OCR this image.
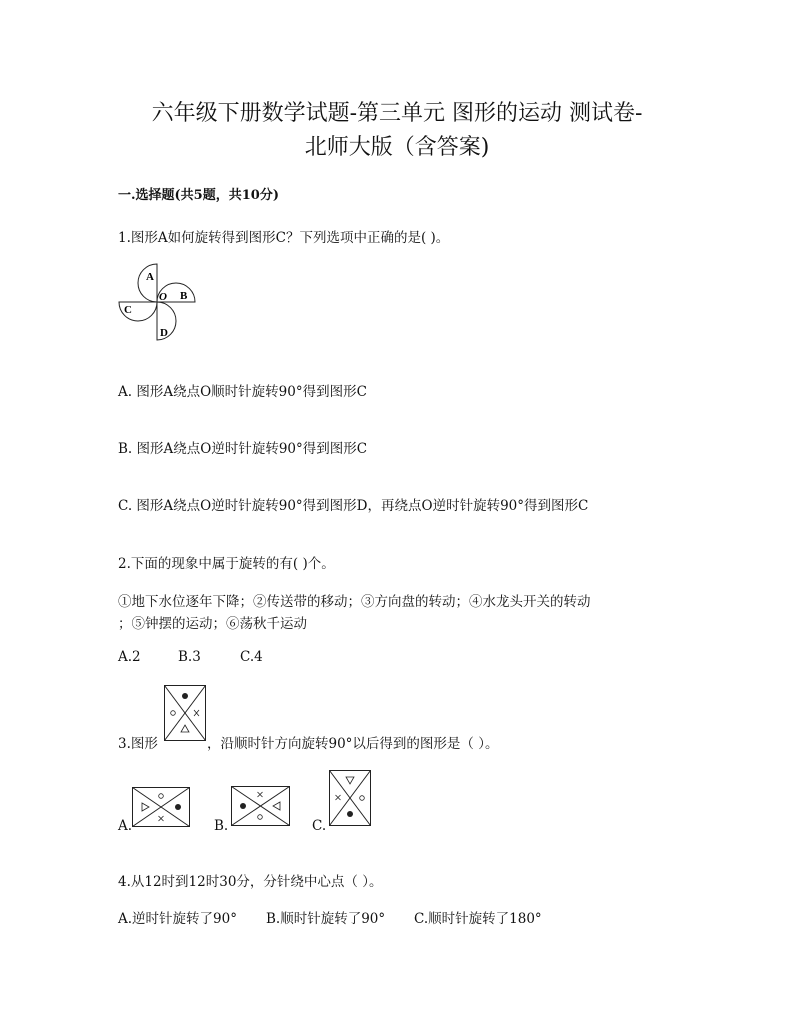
六年级下册数学试题-第三单元 图形的运动 测试卷-
北师大版（含答案)
一.选择题(共5题，共10分)
1.图形A如何旋转得到图形C？下列选项中正确的是( )。
A
O B
C
D
A. 图形A绕点O顺时针旋转90°得到图形C
B. 图形A绕点O逆时针旋转90°得到图形C
C. 图形A绕点O逆时针旋转90°得到图形D，再绕点O逆时针旋转90°得到图形C
2.下面的现象中属于旋转的有( )个。
①地下水位逐年下降；②传送带的移动；③方向盘的转动；④水龙头开关的转动
；⑤钟摆的运动；⑥荡秋千运动
A.2	B.3	C.4
3.图形	，沿顺时针方向旋转90°以后得到的图形是（ ）。
A.	B.	C.
4.从12时到12时30分，分针绕中心点（ ）。
A.逆时针旋转了90° B.顺时针旋转了90° C.顺时针旋转了180°
